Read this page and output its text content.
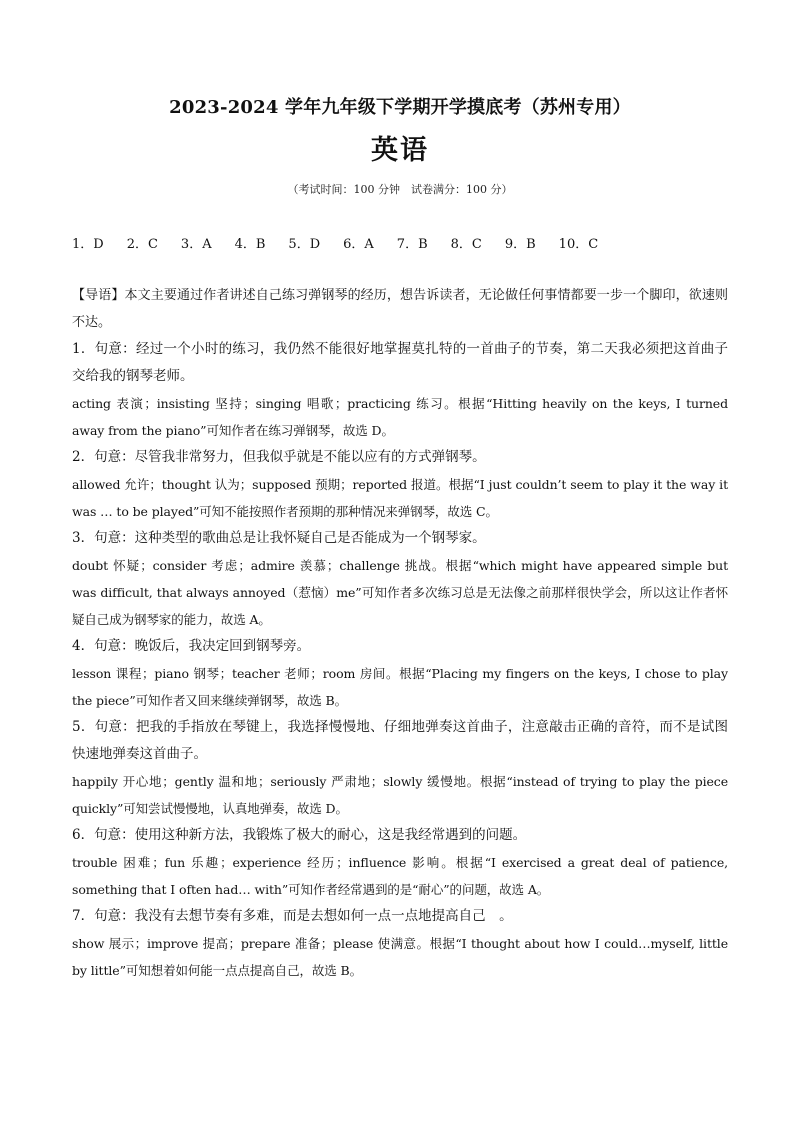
2023-2024 学年九年级下学期开学摸底考（苏州专用）
英语
（考试时间：100 分钟　试卷满分：100 分）
1．D 2．C 3．A 4．B 5．D 6．A 7．B 8．C 9．B 10．C

【导语】本文主要通过作者讲述自己练习弹钢琴的经历，想告诉读者，无论做任何事情都要一步一个脚印，欲速则不达。

1．句意：经过一个小时的练习，我仍然不能很好地掌握莫扎特的一首曲子的节奏，第二天我必须把这首曲子交给我的钢琴老师。

acting 表演；insisting 坚持；singing 唱歌；practicing 练习。根据“Hitting heavily on the keys, I turned away from the piano”可知作者在练习弹钢琴，故选 D。

2．句意：尽管我非常努力，但我似乎就是不能以应有的方式弹钢琴。

allowed 允许；thought 认为；supposed 预期；reported 报道。根据“I just couldn’t seem to play it the way it was … to be played”可知不能按照作者预期的那种情况来弹钢琴，故选 C。

3．句意：这种类型的歌曲总是让我怀疑自己是否能成为一个钢琴家。

doubt 怀疑；consider 考虑；admire 羡慕；challenge 挑战。根据“which might have appeared simple but was difficult, that always annoyed（惹恼）me”可知作者多次练习总是无法像之前那样很快学会，所以这让作者怀疑自己成为钢琴家的能力，故选 A。

4．句意：晚饭后，我决定回到钢琴旁。

lesson 课程；piano 钢琴；teacher 老师；room 房间。根据“Placing my fingers on the keys, I chose to play the piece”可知作者又回来继续弹钢琴，故选 B。

5．句意：把我的手指放在琴键上，我选择慢慢地、仔细地弹奏这首曲子，注意敲击正确的音符，而不是试图快速地弹奏这首曲子。

happily 开心地；gently 温和地；seriously 严肃地；slowly 缓慢地。根据“instead of trying to play the piece quickly”可知尝试慢慢地，认真地弹奏，故选 D。

6．句意：使用这种新方法，我锻炼了极大的耐心，这是我经常遇到的问题。

trouble 困难；fun 乐趣；experience 经历；influence 影响。根据“I exercised a great deal of patience, something that I often had… with”可知作者经常遇到的是“耐心”的问题，故选 A。

7．句意：我没有去想节奏有多难，而是去想如何一点一点地提高自己　。

show 展示；improve 提高；prepare 准备；please 使满意。根据“I thought about how I could…myself, little by little”可知想着如何能一点点提高自己，故选 B。
